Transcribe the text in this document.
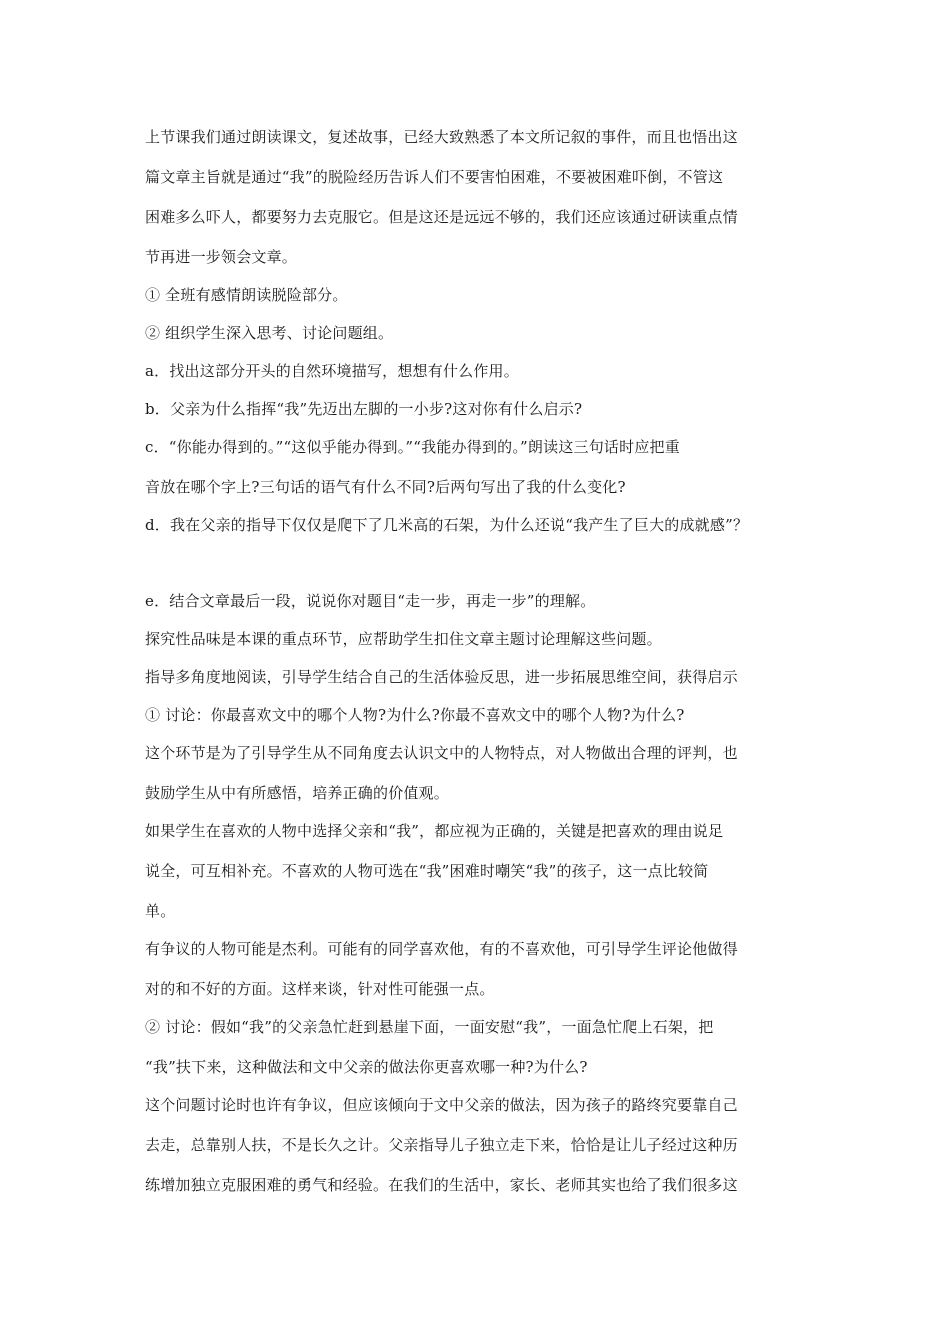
上节课我们通过朗读课文，复述故事，已经大致熟悉了本文所记叙的事件，而且也悟出这
篇文章主旨就是通过“我”的脱险经历告诉人们不要害怕困难，不要被困难吓倒，不管这
困难多么吓人，都要努力去克服它。但是这还是远远不够的，我们还应该通过研读重点情
节再进一步领会文章。
① 全班有感情朗读脱险部分。
② 组织学生深入思考、讨论问题组。
a．找出这部分开头的自然环境描写，想想有什么作用。
b．父亲为什么指挥“我”先迈出左脚的一小步?这对你有什么启示?
c．“你能办得到的。”“这似乎能办得到。”“我能办得到的。”朗读这三句话时应把重
音放在哪个字上?三句话的语气有什么不同?后两句写出了我的什么变化?
d．我在父亲的指导下仅仅是爬下了几米高的石架，为什么还说“我产生了巨大的成就感”？
e．结合文章最后一段，说说你对题目“走一步，再走一步”的理解。
探究性品味是本课的重点环节，应帮助学生扣住文章主题讨论理解这些问题。
指导多角度地阅读，引导学生结合自己的生活体验反思，进一步拓展思维空间，获得启示
① 讨论：你最喜欢文中的哪个人物?为什么?你最不喜欢文中的哪个人物?为什么?
这个环节是为了引导学生从不同角度去认识文中的人物特点，对人物做出合理的评判，也
鼓励学生从中有所感悟，培养正确的价值观。
如果学生在喜欢的人物中选择父亲和“我”，都应视为正确的，关键是把喜欢的理由说足
说全，可互相补充。不喜欢的人物可选在“我”困难时嘲笑“我”的孩子，这一点比较简
单。
有争议的人物可能是杰利。可能有的同学喜欢他，有的不喜欢他，可引导学生评论他做得
对的和不好的方面。这样来谈，针对性可能强一点。
② 讨论：假如“我”的父亲急忙赶到悬崖下面，一面安慰“我”，一面急忙爬上石架，把
“我”扶下来，这种做法和文中父亲的做法你更喜欢哪一种?为什么?
这个问题讨论时也许有争议，但应该倾向于文中父亲的做法，因为孩子的路终究要靠自己
去走，总靠别人扶，不是长久之计。父亲指导儿子独立走下来，恰恰是让儿子经过这种历
练增加独立克服困难的勇气和经验。在我们的生活中，家长、老师其实也给了我们很多这
